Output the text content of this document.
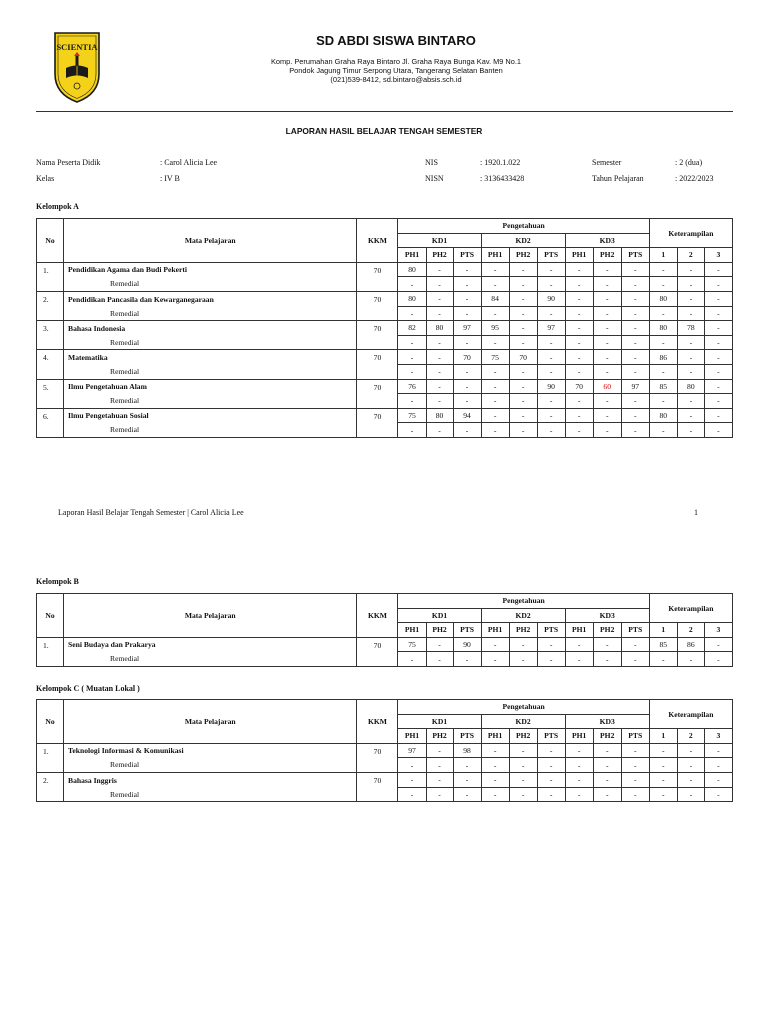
SCIENTIA	SD ABDI SISWA BINTARO
Komp. Perumahan Graha Raya Bintaro Jl. Graha Raya Bunga Kav. M9 No.1
Pondok Jagung Timur Serpong Utara, Tangerang Selatan Banten
(021)539-8412, sd.bintaro@absis.sch.id
LAPORAN HASIL BELAJAR TENGAH SEMESTER
Nama Peserta Didik	: Carol Alicia Lee
Kelas	: IV B
NIS	: 1920.1.022
NISN	: 3136433428
Semester	: 2 (dua)
Tahun Pelajaran	: 2022/2023
Kelompok A
Kelompok B
Kelompok C ( Muatan Lokal )
No	Mata Pelajaran	KKM	Pengetahuan									Keterampilan		
			KD1			KD2			KD3					
			PH1	PH2	PTS	PH1	PH2	PTS	PH1	PH2	PTS	1	2	3
1.	Pendidikan Agama dan Budi Pekerti	70	80	-	-	-	-	-	-	-	-	-	-	-
	Remedial		-	-	-	-	-	-	-	-	-	-	-	-
2.	Pendidikan Pancasila dan Kewarganegaraan	70	80	-	-	84	-	90	-	-	-	80	-	-
	Remedial		-	-	-	-	-	-	-	-	-	-	-	-
3.	Bahasa Indonesia	70	82	80	97	95	-	97	-	-	-	80	78	-
	Remedial		-	-	-	-	-	-	-	-	-	-	-	-
4.	Matematika	70	-	-	70	75	70	-	-	-	-	86	-	-
	Remedial		-	-	-	-	-	-	-	-	-	-	-	-
5.	Ilmu Pengetahuan Alam	70	76	-	-	-	-	90	70	60	97	85	80	-
	Remedial		-	-	-	-	-	-	-	-	-	-	-	-
6.	Ilmu Pengetahuan Sosial	70	75	80	94	-	-	-	-	-	-	80	-	-
	Remedial		-	-	-	-	-	-	-	-	-	-	-	-
No	Mata Pelajaran	KKM	Pengetahuan									Keterampilan		
			KD1			KD2			KD3					
			PH1	PH2	PTS	PH1	PH2	PTS	PH1	PH2	PTS	1	2	3
1.	Seni Budaya dan Prakarya	70	75	-	90	-	-	-	-	-	-	85	86	-
	Remedial		-	-	-	-	-	-	-	-	-	-	-	-
No	Mata Pelajaran	KKM	Pengetahuan									Keterampilan		
			KD1			KD2			KD3					
			PH1	PH2	PTS	PH1	PH2	PTS	PH1	PH2	PTS	1	2	3
1.	Teknologi Informasi & Komunikasi	70	97	-	98	-	-	-	-	-	-	-	-	-
	Remedial		-	-	-	-	-	-	-	-	-	-	-	-
2.	Bahasa Inggris	70	-	-	-	-	-	-	-	-	-	-	-	-
	Remedial		-	-	-	-	-	-	-	-	-	-	-	-
Laporan Hasil Belajar Tengah Semester | Carol Alicia Lee	1
